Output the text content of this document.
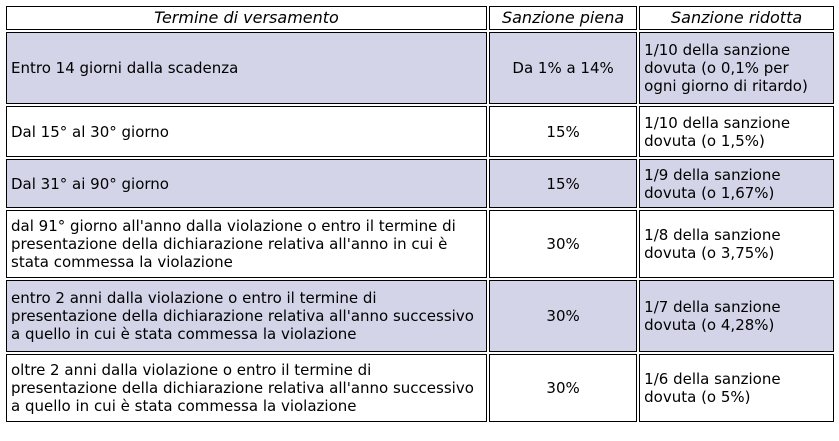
Termine di versamento	Sanzione piena	Sanzione ridotta
Entro 14 giorni dalla scadenza	Da 1% a 14%	1/10 della sanzione
dovuta (o 0,1% per
ogni giorno di ritardo)

Dal 15° al 30° giorno	15%	1/10 della sanzione
dovuta (o 1,5%)

Dal 31° ai 90° giorno	15%	1/9 della sanzione
dovuta (o 1,67%)

dal 91° giorno all'anno dalla violazione o entro il termine di presentazione della dichiarazione relativa all'anno in cui è stata commessa la violazione	30%	1/8 della sanzione
dovuta (o 3,75%)

entro 2 anni dalla violazione o entro il termine di presentazione della dichiarazione relativa all'anno successivo a quello in cui è stata commessa la violazione	30%	1/7 della sanzione
dovuta (o 4,28%)

oltre 2 anni dalla violazione o entro il termine di presentazione della dichiarazione relativa all'anno successivo a quello in cui è stata commessa la violazione	30%	1/6 della sanzione
dovuta (o 5%)
